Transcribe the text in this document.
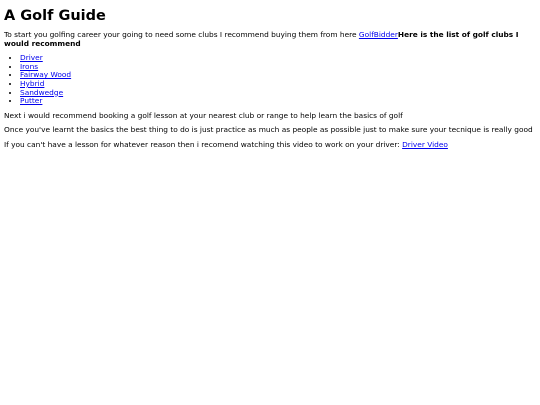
A Golf Guide

To start you golfing career your going to need some clubs I recommend buying them from here GolfBidderHere is the list of golf clubs I would recommend

• Driver
• Irons
• Fairway Wood
• Hybrid
• Sandwedge
• Putter

Next i would recommend booking a golf lesson at your nearest club or range to help learn the basics of golf

Once you've learnt the basics the best thing to do is just practice as much as people as possible just to make sure your tecnique is really good

If you can't have a lesson for whatever reason then i recomend watching this video to work on your driver: Driver Video
